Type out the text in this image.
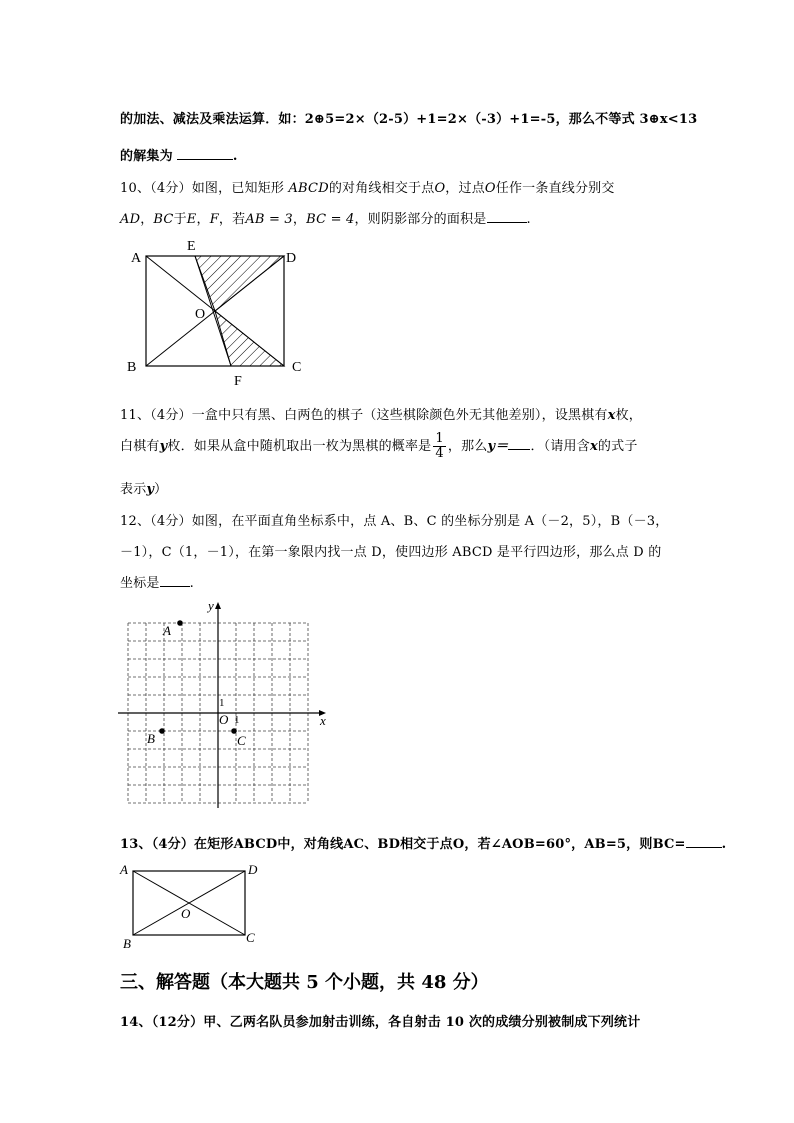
的加法、减法及乘法运算．如：2⊕5=2×（2-5）+1=2×（-3）+1=-5，那么不等式 3⊕x<13
的解集为	.
10、（4分）如图，已知矩形 ABCD的对角线相交于点O，过点O任作一条直线分别交
AD，BC于E，F，若AB = 3，BC = 4，则阴影部分的面积是	.
A
E
D
O
B
F
C
11、（4分）一盒中只有黑、白两色的棋子（这些棋除颜色外无其他差别），设黑棋有x枚，
白棋有y枚．如果从盒中随机取出一枚为黑棋的概率是 $\frac{1}{4}$ ，那么y＝ ．（请用含x的式子
表示y）
12、（4分）如图，在平面直角坐标系中，点 A、B、C 的坐标分别是 A（－2，5），B（－3，
－1），C（1，－1），在第一象限内找一点 D，使四边形 ABCD 是平行四边形，那么点 D 的
坐标是 .
x
y
O
1
1
A
B	C
13、（4分）在矩形ABCD中，对角线AC、BD相交于点O，若∠AOB=60°，AB=5，则BC=	.
A	D
O
B	C
三、解答题（本大题共 5 个小题，共 48 分）
14、（12分）甲、乙两名队员参加射击训练，各自射击 10 次的成绩分别被制成下列统计
